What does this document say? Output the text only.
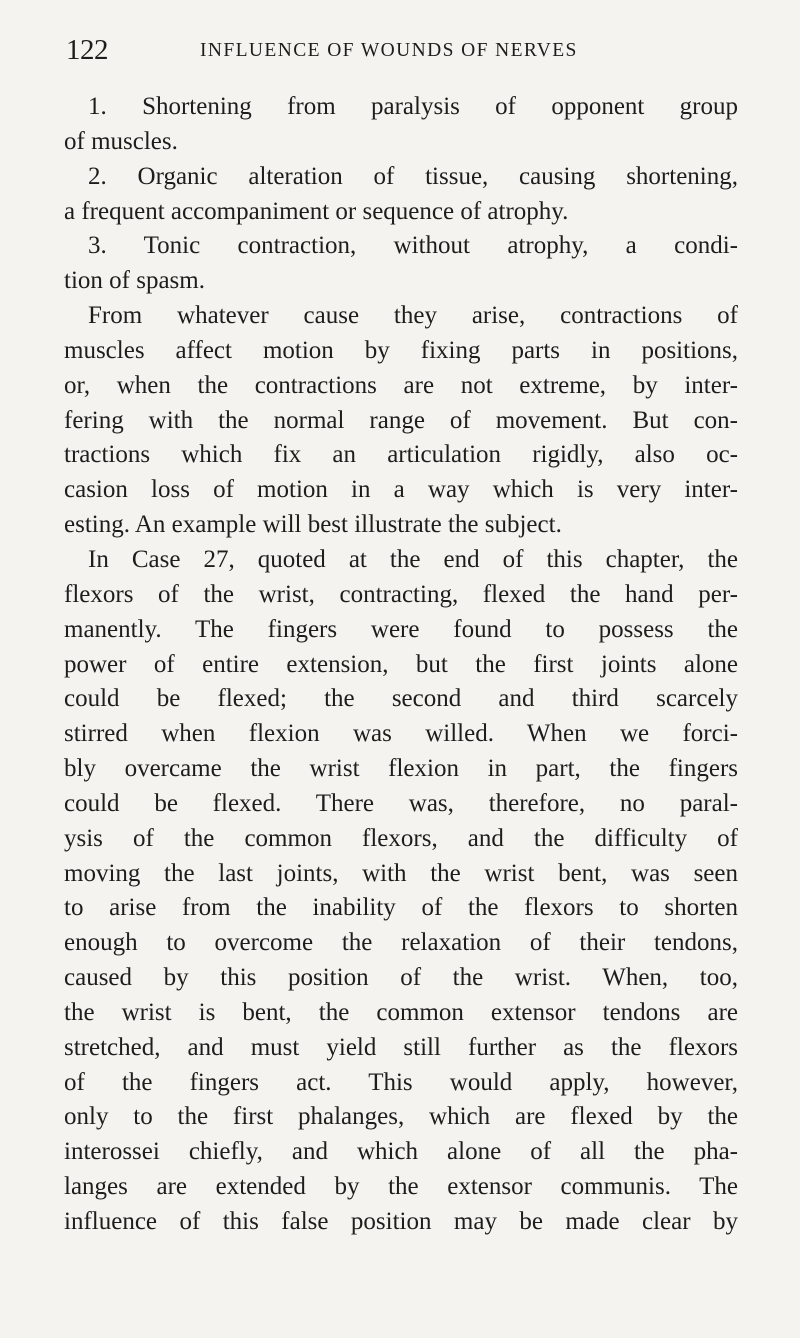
122	INFLUENCE OF WOUNDS OF NERVES
1. Shortening from paralysis of opponent group
of muscles.
2. Organic alteration of tissue, causing shortening,
a frequent accompaniment or sequence of atrophy.
3. Tonic contraction, without atrophy, a condi-
tion of spasm.
From whatever cause they arise, contractions of
muscles affect motion by fixing parts in positions,
or, when the contractions are not extreme, by inter-
fering with the normal range of movement. But con-
tractions which fix an articulation rigidly, also oc-
casion loss of motion in a way which is very inter-
esting. An example will best illustrate the subject.
In Case 27, quoted at the end of this chapter, the
flexors of the wrist, contracting, flexed the hand per-
manently. The fingers were found to possess the
power of entire extension, but the first joints alone
could be flexed; the second and third scarcely
stirred when flexion was willed. When we forci-
bly overcame the wrist flexion in part, the fingers
could be flexed. There was, therefore, no paral-
ysis of the common flexors, and the difficulty of
moving the last joints, with the wrist bent, was seen
to arise from the inability of the flexors to shorten
enough to overcome the relaxation of their tendons,
caused by this position of the wrist. When, too,
the wrist is bent, the common extensor tendons are
stretched, and must yield still further as the flexors
of the fingers act. This would apply, however,
only to the first phalanges, which are flexed by the
interossei chiefly, and which alone of all the pha-
langes are extended by the extensor communis. The
influence of this false position may be made clear by
